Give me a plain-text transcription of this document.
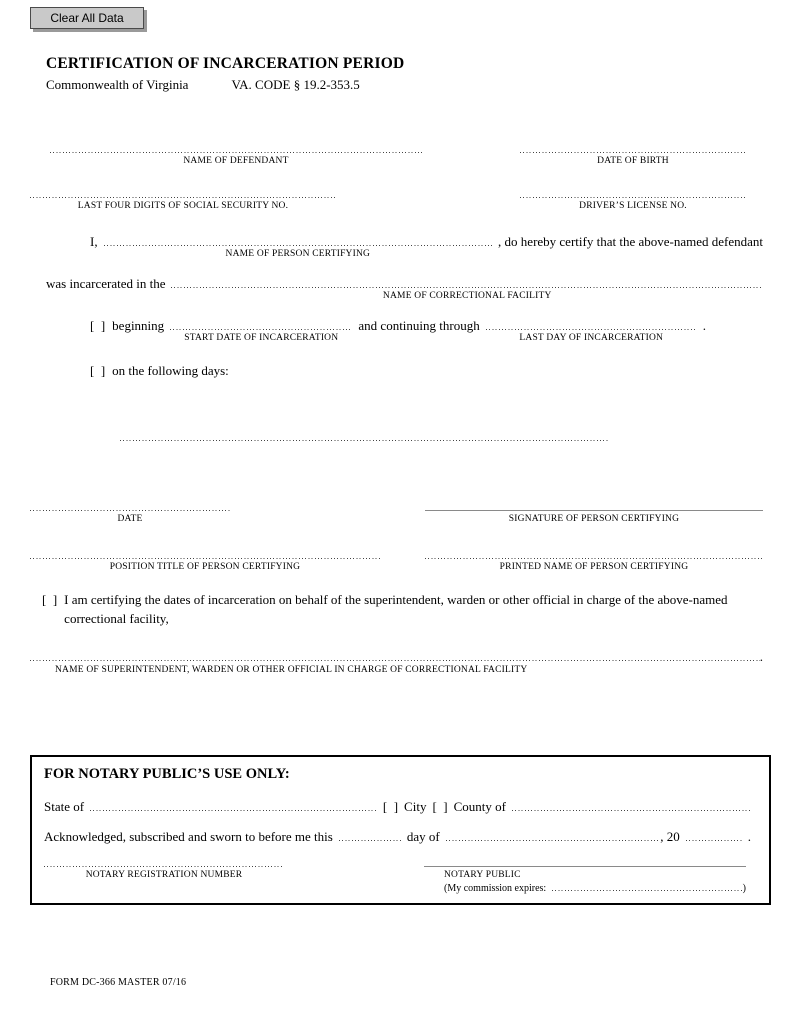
Clear All Data
CERTIFICATION OF INCARCERATION PERIOD
Commonwealth of Virginia	VA. CODE § 19.2-353.5
NAME OF DEFENDANT	DATE OF BIRTH
LAST FOUR DIGITS OF SOCIAL SECURITY NO.	DRIVER’S LICENSE NO.
I,
NAME OF PERSON CERTIFYING
, do hereby certify that the above-named defendant
was incarcerated in the
NAME OF CORRECTIONAL FACILITY
[  ] beginning
START DATE OF INCARCERATION
and continuing through
LAST DAY OF INCARCERATION
.
[  ] on the following days:
DATE	SIGNATURE OF PERSON CERTIFYING
POSITION TITLE OF PERSON CERTIFYING	PRINTED NAME OF PERSON CERTIFYING
[  ] I am certifying the dates of incarceration on behalf of the superintendent, warden or other official in charge of the above-named correctional facility,
.
NAME OF SUPERINTENDENT, WARDEN OR OTHER OFFICIAL IN CHARGE OF CORRECTIONAL FACILITY
FOR NOTARY PUBLIC’S USE ONLY:
State of	[  ] City [  ] County of
Acknowledged, subscribed and sworn to before me this	day of	, 20	.
NOTARY REGISTRATION NUMBER	NOTARY PUBLIC
(My commission expires:	)
FORM DC-366 MASTER 07/16
